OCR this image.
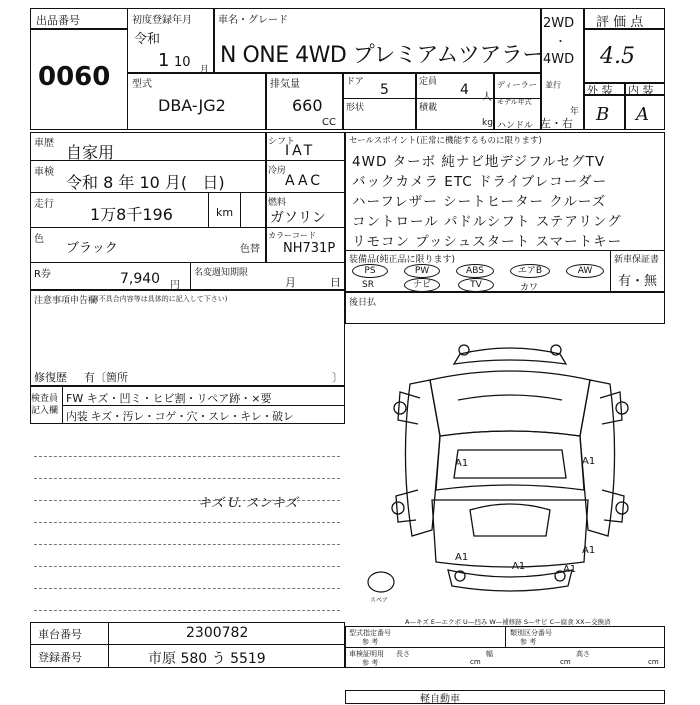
出品番号
0060
初度登録年月
令和
1 10 月
車名・グレード
N ONE 4WD プレミアムツアラー
2WD
・
4WD
評 価 点
4.5
外 装 内 装
B A
型式
DBA-JG2
排気量
660
CC
ドア 5	定員 4 人
ディーラー・並行
形状	積載
kg
モデル年式
年
ハンドル 左・右
車歴 自家用
車検
令和 8 年 10 月(   日)
走行
1万8千196	km
色
ブラック	色替
カラーコード
NH731P
R券	7,940 円
名変週知期限
月	日
シフト
IAT
冷房
AAC
燃料
ガソリン
セールスポイント(正常に機能するものに限ります)
4WD ターボ 純ナビ地デジフルセグTV
バックカメラ ETC ドライブレコーダー
ハーフレザー シートヒーター クルーズ
コントロール パドルシフト ステアリング
リモコン プッシュスタート スマートキー
装備品(純正品に限ります)	新車保証書
有・無
PS	PW	ABS	エアB	AW
SR	ナビ	TV	カワ
注意事項申告欄
(不具合内容等は具体的に記入して下さい)
修復歴 有〔箇所	〕
後日払
検査員記入欄
FW キズ・凹ミ・ヒビ割・リペア跡・×要
内装 キズ・汚レ・コゲ・穴・スレ・キレ・破レ
キズ U. スンキズ
A1	A1
A1
A1	A1
A1
スペア
A—キズ E—エクボ U—凹み W—補修跡 S—サビ C—腐食 XX—交換済
車台番号	2300782
登録番号	市原 580 う 5519
型式指定番号
参 考
類別区分番号
参 考
車検証明用
参 考
長さ
cm
幅
cm
高さ
cm
軽自動車
